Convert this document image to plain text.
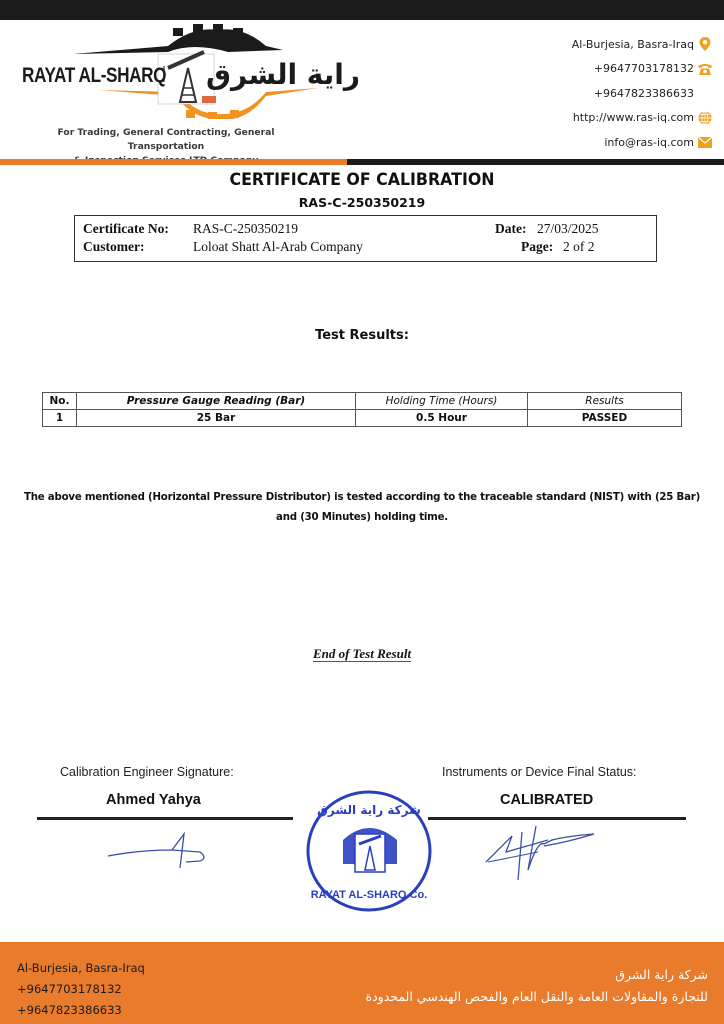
RAYAT AL-SHARQ راية الشرق
For Trading, General Contracting, General Transportation
Al-Burjesia, Basra-Iraq
+9647703178132
+9647823386633
http://www.ras-iq.com
info@ras-iq.com
CERTIFICATE OF CALIBRATION
RAS-C-250350219
Certificate No: RAS-C-250350219	Date: 27/03/2025
Customer:	Loloat Shatt Al-Arab Company	Page: 2 of 2
Test Results:
No.	Pressure Gauge Reading (Bar)	Holding Time (Hours)	Results
1	25 Bar	0.5 Hour	PASSED
The above mentioned (Horizontal Pressure Distributor) is tested according to the traceable standard (NIST) with (25 Bar)
and (30 Minutes) holding time.
End of Test Result
Calibration Engineer Signature:
Ahmed Yahya
Instruments or Device Final Status:
CALIBRATED
شركة راية الشرق
RAYAT AL-SHARQ Co.
Al-Burjesia, Basra-Iraq
+9647703178132
+9647823386633
شركة راية الشرق
للتجارة والمقاولات العامة والنقل العام والفحص الهندسي المحدودة
